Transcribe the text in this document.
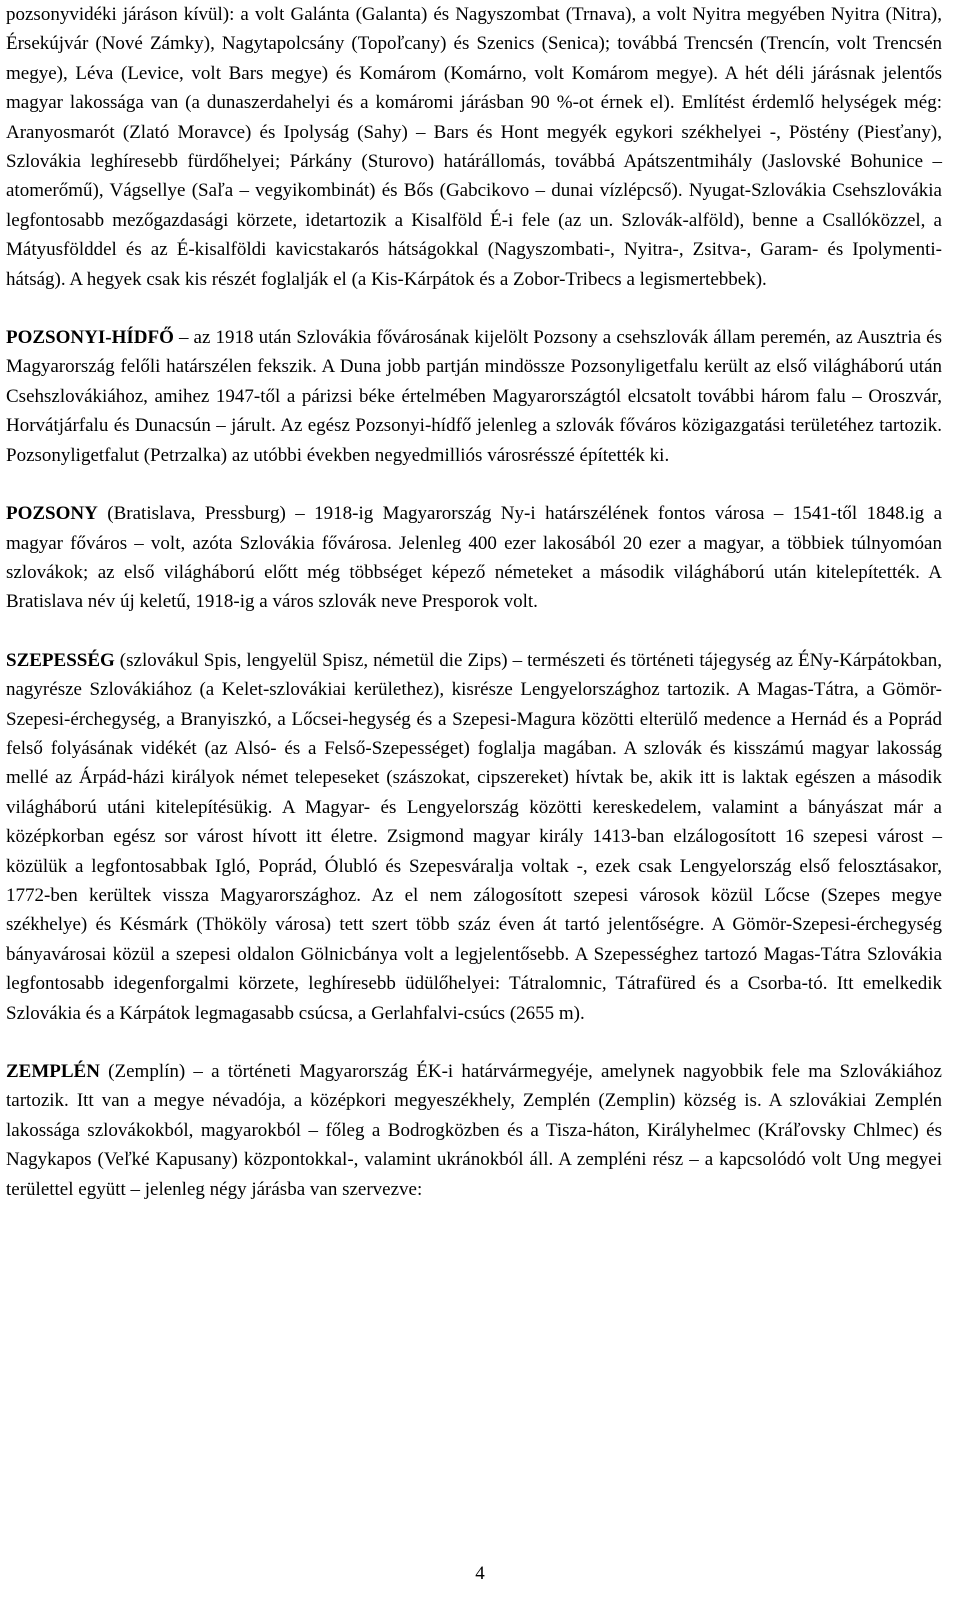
pozsonyvidéki járáson kívül): a volt Galánta (Galanta) és Nagyszombat (Trnava), a volt Nyitra megyében Nyitra (Nitra), Érsekújvár (Nové Zámky), Nagytapolcsány (Topoľcany) és Szenics (Senica); továbbá Trencsén (Trencín, volt Trencsén megye), Léva (Levice, volt Bars megye) és Komárom (Komárno, volt Komárom megye). A hét déli járásnak jelentős magyar lakossága van (a dunaszerdahelyi és a komáromi járásban 90 %-ot érnek el). Említést érdemlő helységek még: Aranyosmarót (Zlató Moravce) és Ipolyság (Sahy) – Bars és Hont megyék egykori székhelyei -, Pöstény (Piesťany), Szlovákia leghíresebb fürdőhelyei; Párkány (Sturovo) határállomás, továbbá Apátszentmihály (Jaslovské Bohunice – atomerőmű), Vágsellye (Saľa – vegyikombinát) és Bős (Gabcikovo – dunai vízlépcső). Nyugat-Szlovákia Csehszlovákia legfontosabb mezőgazdasági körzete, idetartozik a Kisalföld É-i fele (az un. Szlovák-alföld), benne a Csallóközzel, a Mátyusfölddel és az É-kisalföldi kavicstakarós hátságokkal (Nagyszombati-, Nyitra-, Zsitva-, Garam- és Ipolymenti-hátság). A hegyek csak kis részét foglalják el (a Kis-Kárpátok és a Zobor-Tribecs a legismertebbek).

POZSONYI-HÍDFŐ – az 1918 után Szlovákia fővárosának kijelölt Pozsony a csehszlovák állam peremén, az Ausztria és Magyarország felőli határszélen fekszik. A Duna jobb partján mindössze Pozsonyligetfalu került az első világháború után Csehszlovákiához, amihez 1947-től a párizsi béke értelmében Magyarországtól elcsatolt további három falu – Oroszvár, Horvátjárfalu és Dunacsún – járult. Az egész Pozsonyi-hídfő jelenleg a szlovák főváros közigazgatási területéhez tartozik. Pozsonyligetfalut (Petrzalka) az utóbbi években negyedmilliós városrésszé építették ki.

POZSONY (Bratislava, Pressburg) – 1918-ig Magyarország Ny-i határszélének fontos városa – 1541-től 1848.ig a magyar főváros – volt, azóta Szlovákia fővárosa. Jelenleg 400 ezer lakosából 20 ezer a magyar, a többiek túlnyomóan szlovákok; az első világháború előtt még többséget képező németeket a második világháború után kitelepítették. A Bratislava név új keletű, 1918-ig a város szlovák neve Presporok volt.

SZEPESSÉG (szlovákul Spis, lengyelül Spisz, németül die Zips) – természeti és történeti tájegység az ÉNy-Kárpátokban, nagyrésze Szlovákiához (a Kelet-szlovákiai kerülethez), kisrésze Lengyelországhoz tartozik. A Magas-Tátra, a Gömör-Szepesi-érchegység, a Branyiszkó, a Lőcsei-hegység és a Szepesi-Magura közötti elterülő medence a Hernád és a Poprád felső folyásának vidékét (az Alsó- és a Felső-Szepességet) foglalja magában. A szlovák és kisszámú magyar lakosság mellé az Árpád-házi királyok német telepeseket (szászokat, cipszereket) hívtak be, akik itt is laktak egészen a második világháború utáni kitelepítésükig. A Magyar- és Lengyelország közötti kereskedelem, valamint a bányászat már a középkorban egész sor várost hívott itt életre. Zsigmond magyar király 1413-ban elzálogosított 16 szepesi várost – közülük a legfontosabbak Igló, Poprád, Ólubló és Szepesváralja voltak -, ezek csak Lengyelország első felosztásakor, 1772-ben kerültek vissza Magyarországhoz. Az el nem zálogosított szepesi városok közül Lőcse (Szepes megye székhelye) és Késmárk (Thököly városa) tett szert több száz éven át tartó jelentőségre. A Gömör-Szepesi-érchegység bányavárosai közül a szepesi oldalon Gölnicbánya volt a legjelentősebb. A Szepességhez tartozó Magas-Tátra Szlovákia legfontosabb idegenforgalmi körzete, leghíresebb üdülőhelyei: Tátralomnic, Tátrafüred és a Csorba-tó. Itt emelkedik Szlovákia és a Kárpátok legmagasabb csúcsa, a Gerlahfalvi-csúcs (2655 m).

ZEMPLÉN (Zemplín) – a történeti Magyarország ÉK-i határvármegyéje, amelynek nagyobbik fele ma Szlovákiához tartozik. Itt van a megye névadója, a középkori megyeszékhely, Zemplén (Zemplin) község is. A szlovákiai Zemplén lakossága szlovákokból, magyarokból – főleg a Bodrogközben és a Tisza-háton, Királyhelmec (Kráľovsky Chlmec) és Nagykapos (Veľké Kapusany) központokkal-, valamint ukránokból áll. A zempléni rész – a kapcsolódó volt Ung megyei területtel együtt – jelenleg négy járásba van szervezve:

4
